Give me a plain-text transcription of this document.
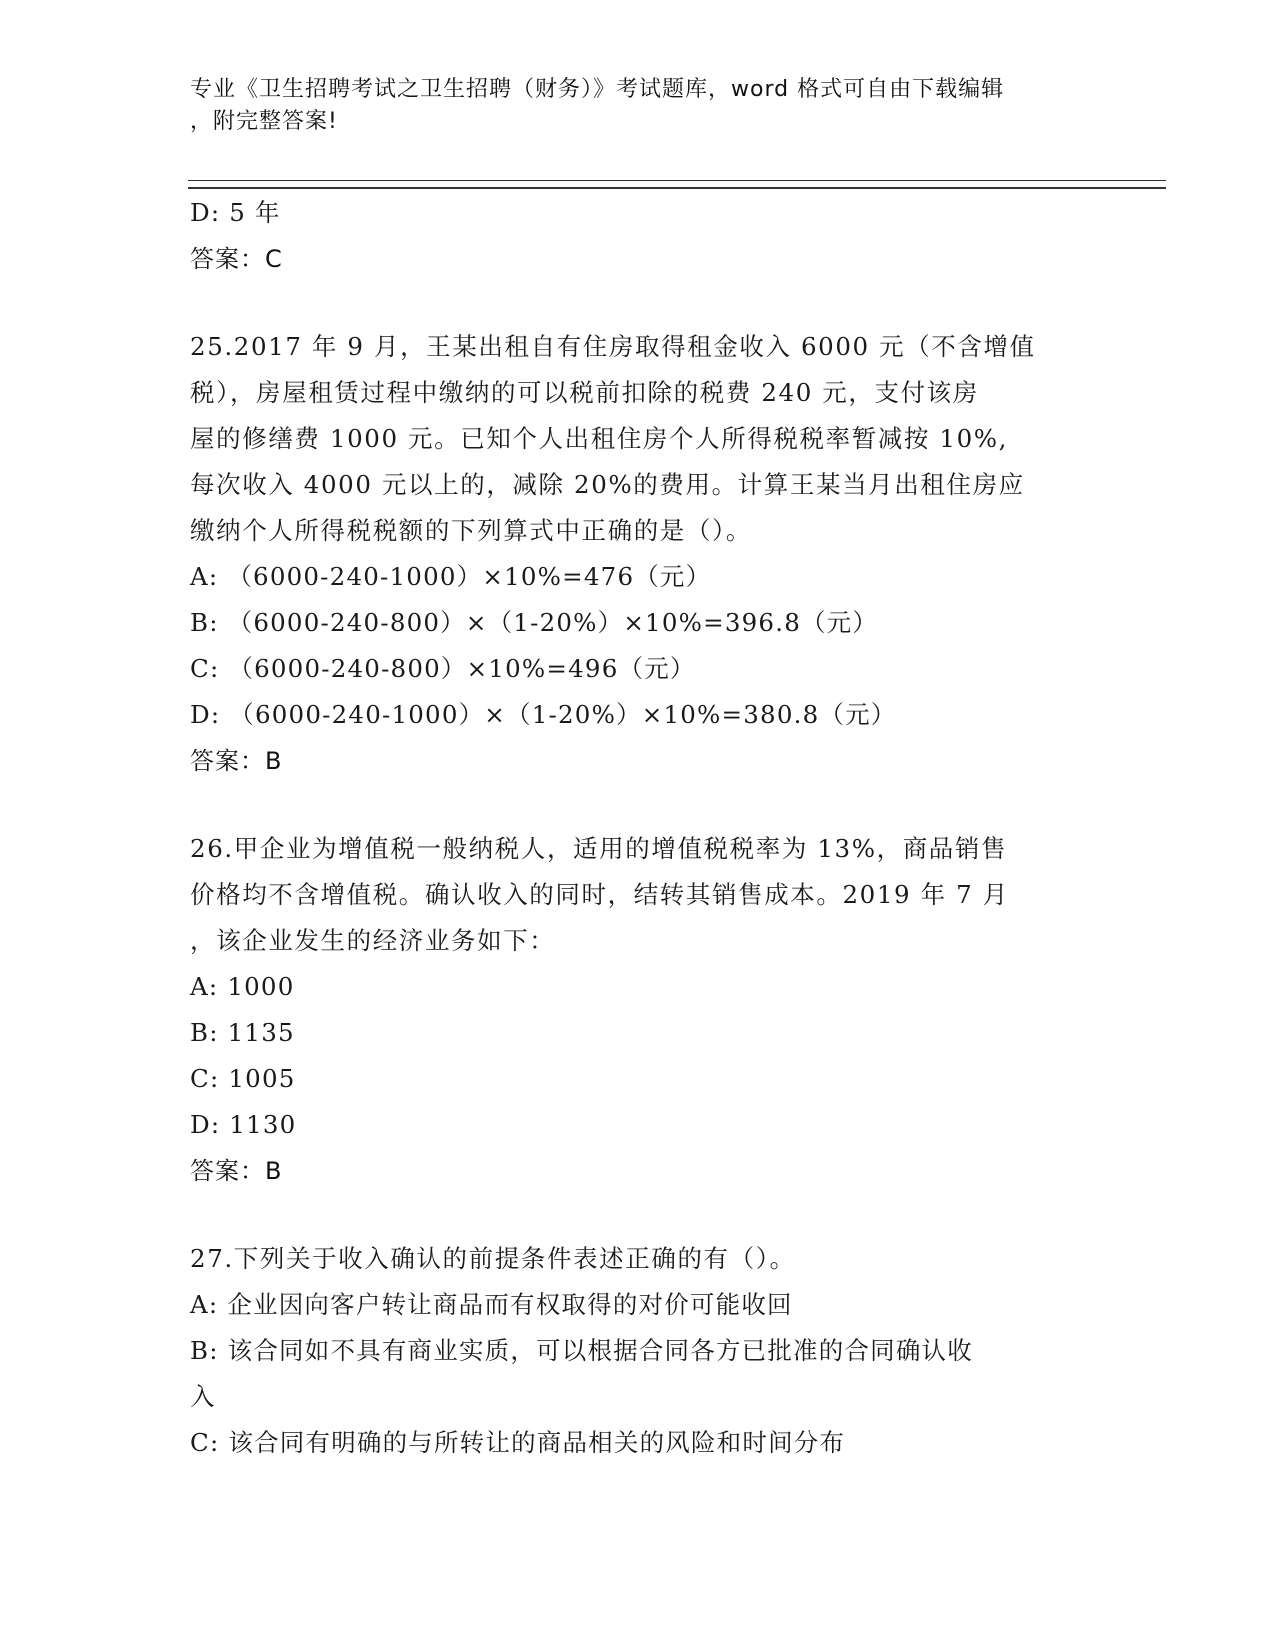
专业《卫生招聘考试之卫生招聘（财务）》考试题库，word 格式可自由下载编辑
，附完整答案!
D: 5 年
答案：C
25.2017 年 9 月，王某出租自有住房取得租金收入 6000 元（不含增值
税），房屋租赁过程中缴纳的可以税前扣除的税费 240 元，支付该房
屋的修缮费 1000 元。已知个人出租住房个人所得税税率暂减按 10%,
每次收入 4000 元以上的，减除 20%的费用。计算王某当月出租住房应
缴纳个人所得税税额的下列算式中正确的是（）。
A: （6000-240-1000）×10%=476（元）
B: （6000-240-800）×（1-20%）×10%=396.8（元）
C: （6000-240-800）×10%=496（元）
D: （6000-240-1000）×（1-20%）×10%=380.8（元）
答案：B
26.甲企业为增值税一般纳税人，适用的增值税税率为 13%，商品销售
价格均不含增值税。确认收入的同时，结转其销售成本。2019 年 7 月
，该企业发生的经济业务如下：
A: 1000
B: 1135
C: 1005
D: 1130
答案：B
27.下列关于收入确认的前提条件表述正确的有（）。
A: 企业因向客户转让商品而有权取得的对价可能收回
B: 该合同如不具有商业实质，可以根据合同各方已批准的合同确认收
入
C: 该合同有明确的与所转让的商品相关的风险和时间分布
